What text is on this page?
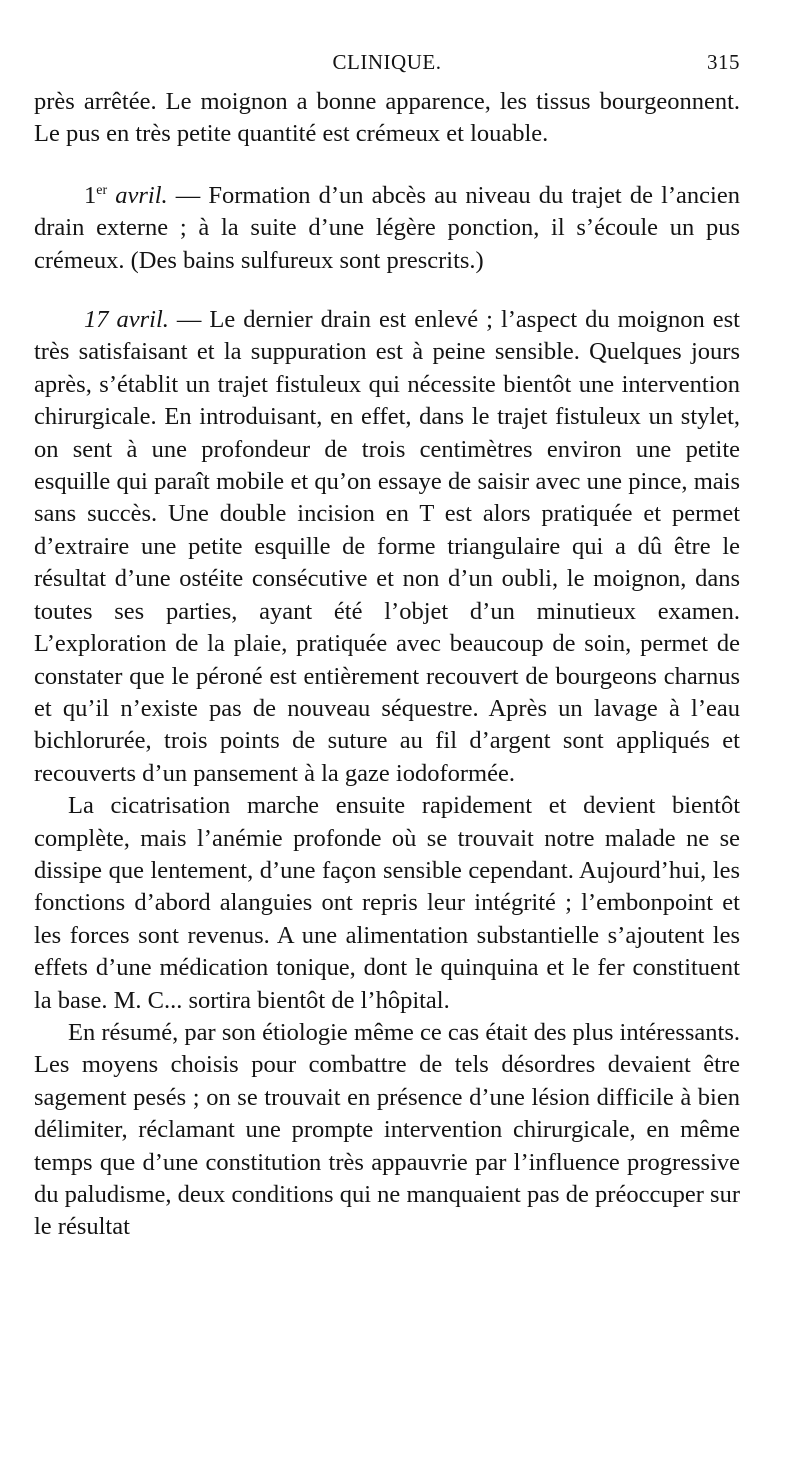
CLINIQUE.	315

près arrêtée. Le moignon a bonne apparence, les tissus bourgeonnent. Le pus en très petite quantité est crémeux et louable.

1er avril. — Formation d’un abcès au niveau du trajet de l’ancien drain externe ; à la suite d’une légère ponction, il s’écoule un pus crémeux. (Des bains sulfureux sont prescrits.)

17 avril. — Le dernier drain est enlevé ; l’aspect du moignon est très satisfaisant et la suppuration est à peine sensible. Quelques jours après, s’établit un trajet fistuleux qui nécessite bientôt une intervention chirurgicale. En introduisant, en effet, dans le trajet fistuleux un stylet, on sent à une profondeur de trois centimètres environ une petite esquille qui paraît mobile et qu’on essaye de saisir avec une pince, mais sans succès. Une double incision en T est alors pratiquée et permet d’extraire une petite esquille de forme triangulaire qui a dû être le résultat d’une ostéite consécutive et non d’un oubli, le moignon, dans toutes ses parties, ayant été l’objet d’un minutieux examen. L’exploration de la plaie, pratiquée avec beaucoup de soin, permet de constater que le péroné est entièrement recouvert de bourgeons charnus et qu’il n’existe pas de nouveau séquestre. Après un lavage à l’eau bichlorurée, trois points de suture au fil d’argent sont appliqués et recouverts d’un pansement à la gaze iodoformée.

La cicatrisation marche ensuite rapidement et devient bientôt complète, mais l’anémie profonde où se trouvait notre malade ne se dissipe que lentement, d’une façon sensible cependant. Aujourd’hui, les fonctions d’abord alanguies ont repris leur intégrité ; l’embonpoint et les forces sont revenus. A une alimentation substantielle s’ajoutent les effets d’une médication tonique, dont le quinquina et le fer constituent la base. M. C... sortira bientôt de l’hôpital.

En résumé, par son étiologie même ce cas était des plus intéressants. Les moyens choisis pour combattre de tels désordres devaient être sagement pesés ; on se trouvait en présence d’une lésion difficile à bien délimiter, réclamant une prompte intervention chirurgicale, en même temps que d’une constitution très appauvrie par l’influence progressive du paludisme, deux conditions qui ne manquaient pas de préoccuper sur le résultat
